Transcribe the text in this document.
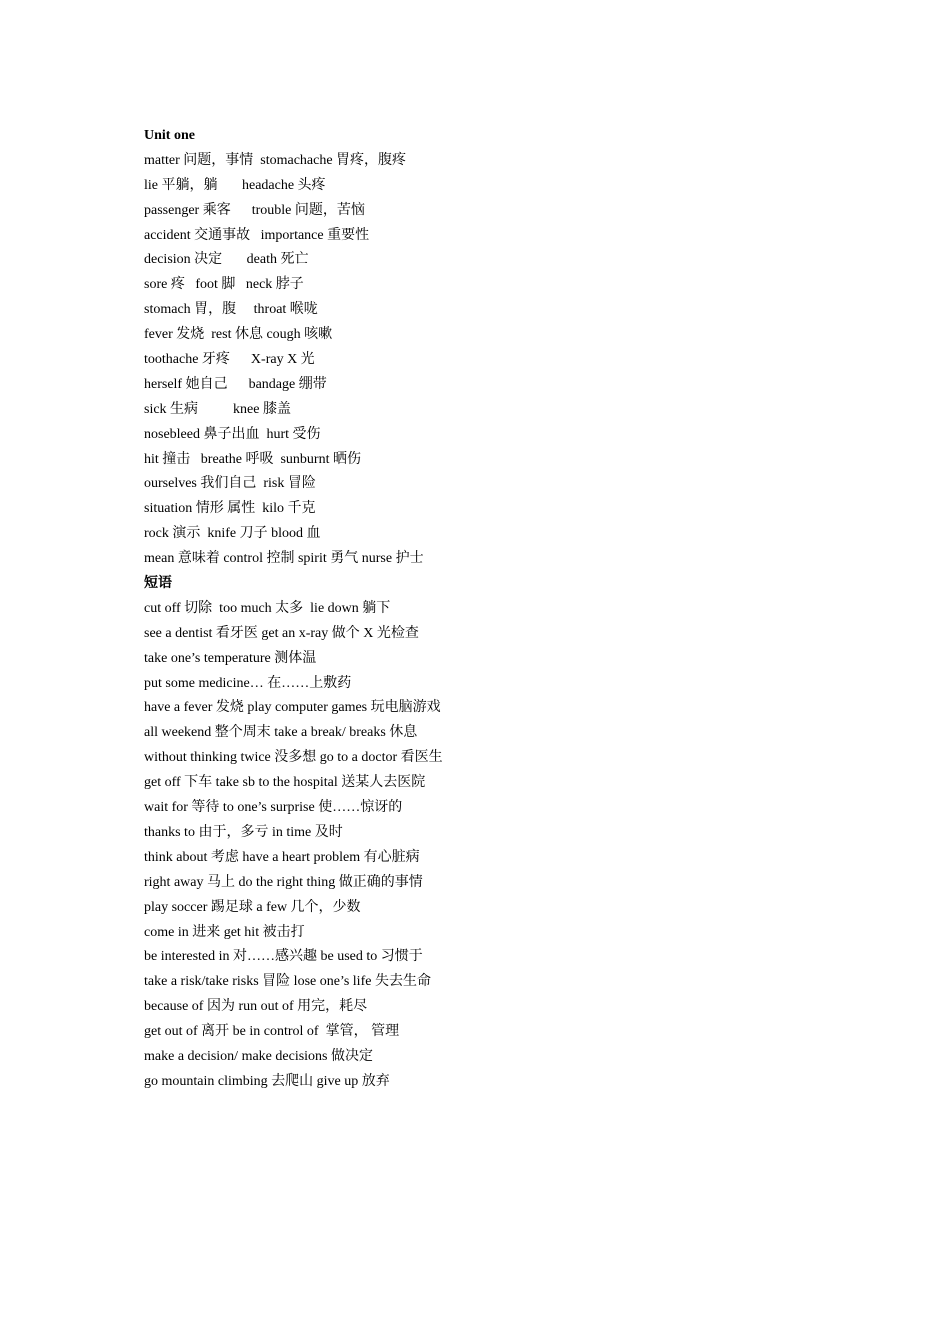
Unit one
matter 问题，事情  stomachache 胃疼，腹疼
lie 平躺，躺       headache 头疼
passenger 乘客      trouble 问题，苦恼
accident 交通事故   importance 重要性
decision 决定       death 死亡
sore 疼   foot 脚   neck 脖子
stomach 胃，腹     throat 喉咙
fever 发烧  rest 休息 cough 咳嗽
toothache 牙疼      X-ray X 光
herself 她自己      bandage 绷带
sick 生病          knee 膝盖
nosebleed 鼻子出血  hurt 受伤
hit 撞击   breathe 呼吸  sunburnt 晒伤
ourselves 我们自己  risk 冒险
situation 情形 属性  kilo 千克
rock 演示  knife 刀子 blood 血
mean 意味着 control 控制 spirit 勇气 nurse 护士
短语
cut off 切除  too much 太多  lie down 躺下
see a dentist 看牙医 get an x-ray 做个 X 光检查
take one’s temperature 测体温
put some medicine… 在……上敷药
have a fever 发烧 play computer games 玩电脑游戏
all weekend 整个周末 take a break/ breaks 休息
without thinking twice 没多想 go to a doctor 看医生
get off 下车 take sb to the hospital 送某人去医院
wait for 等待 to one’s surprise 使……惊讶的
thanks to 由于，多亏 in time 及时
think about 考虑 have a heart problem 有心脏病
right away 马上 do the right thing 做正确的事情
play soccer 踢足球 a few 几个，少数
come in 进来 get hit 被击打
be interested in 对……感兴趣 be used to 习惯于
take a risk/take risks 冒险 lose one’s life 失去生命
because of 因为 run out of 用完，耗尽
get out of 离开 be in control of  掌管， 管理
make a decision/ make decisions 做决定
go mountain climbing 去爬山 give up 放弃
